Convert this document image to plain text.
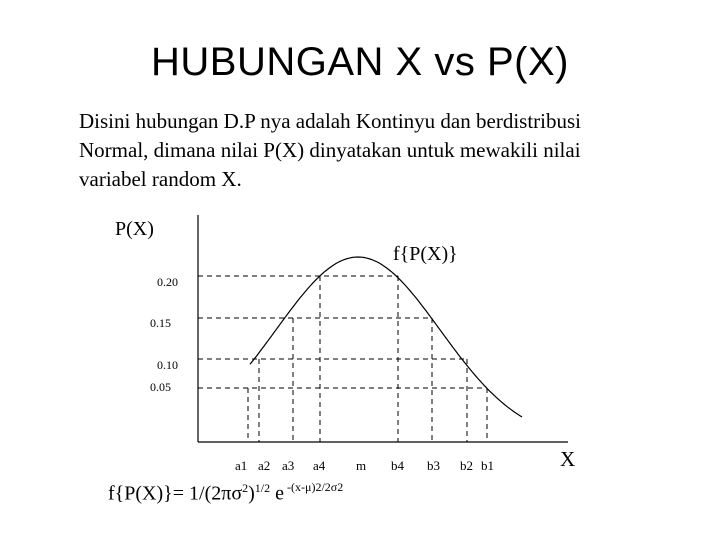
HUBUNGAN X vs P(X)
Disini hubungan D.P nya adalah Kontinyu dan berdistribusi
Normal, dimana nilai P(X) dinyatakan untuk mewakili nilai
variabel random X.
P(X)
f{P(X)}
X
0.20
0.15
0.10
0.05
a1 a2 a3 a4 m b4 b3 b2 b1
$f\{P(X)\}= 1/(2\pi\sigma^2)^{1/2}$ e $^{-(x-\mu)2/2\sigma 2}$
